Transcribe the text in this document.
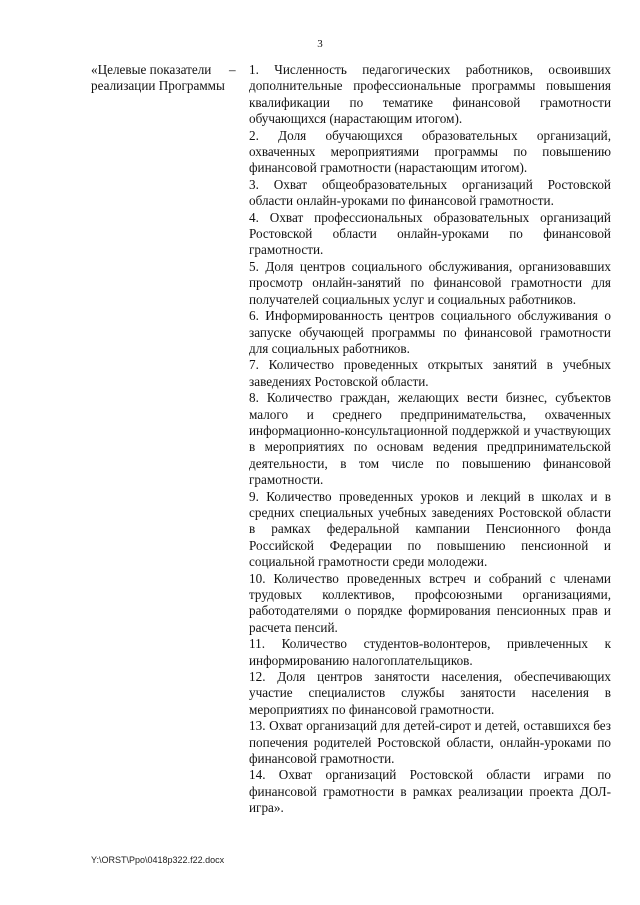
3
«Целевые показатели реализации Программы
– 1. Численность педагогических работников, освоивших дополнительные профессиональные программы повышения квалификации по тематике финансовой грамотности обучающихся (нарастающим итогом).

2. Доля обучающихся образовательных организаций, охваченных мероприятиями программы по повышению финансовой грамотности (нарастающим итогом).

3. Охват общеобразовательных организаций Ростовской области онлайн-уроками по финансовой грамотности.

4. Охват профессиональных образовательных организаций Ростовской области онлайн-уроками по финансовой грамотности.

5. Доля центров социального обслуживания, организовавших просмотр онлайн-занятий по финансовой грамотности для получателей социальных услуг и социальных работников.

6. Информированность центров социального обслуживания о запуске обучающей программы по финансовой грамотности для социальных работников.

7. Количество проведенных открытых занятий в учебных заведениях Ростовской области.

8. Количество граждан, желающих вести бизнес, субъектов малого и среднего предпринимательства, охваченных информационно-консультационной поддержкой и участвующих в мероприятиях по основам ведения предпринимательской деятельности, в том числе по повышению финансовой грамотности.

9. Количество проведенных уроков и лекций в школах и в средних специальных учебных заведениях Ростовской области в рамках федеральной кампании Пенсионного фонда Российской Федерации по повышению пенсионной и социальной грамотности среди молодежи.

10. Количество проведенных встреч и собраний с членами трудовых коллективов, профсоюзными организациями, работодателями о порядке формирования пенсионных прав и расчета пенсий.

11. Количество студентов-волонтеров, привлеченных к информированию налогоплательщиков.

12. Доля центров занятости населения, обеспечивающих участие специалистов службы занятости населения в мероприятиях по финансовой грамотности.

13. Охват организаций для детей-сирот и детей, оставшихся без попечения родителей Ростовской области, онлайн-уроками по финансовой грамотности.

14. Охват организаций Ростовской области играми по финансовой грамотности в рамках реализации проекта ДОЛ-игра».

Y:\ORST\Ppo\0418p322.f22.docx
